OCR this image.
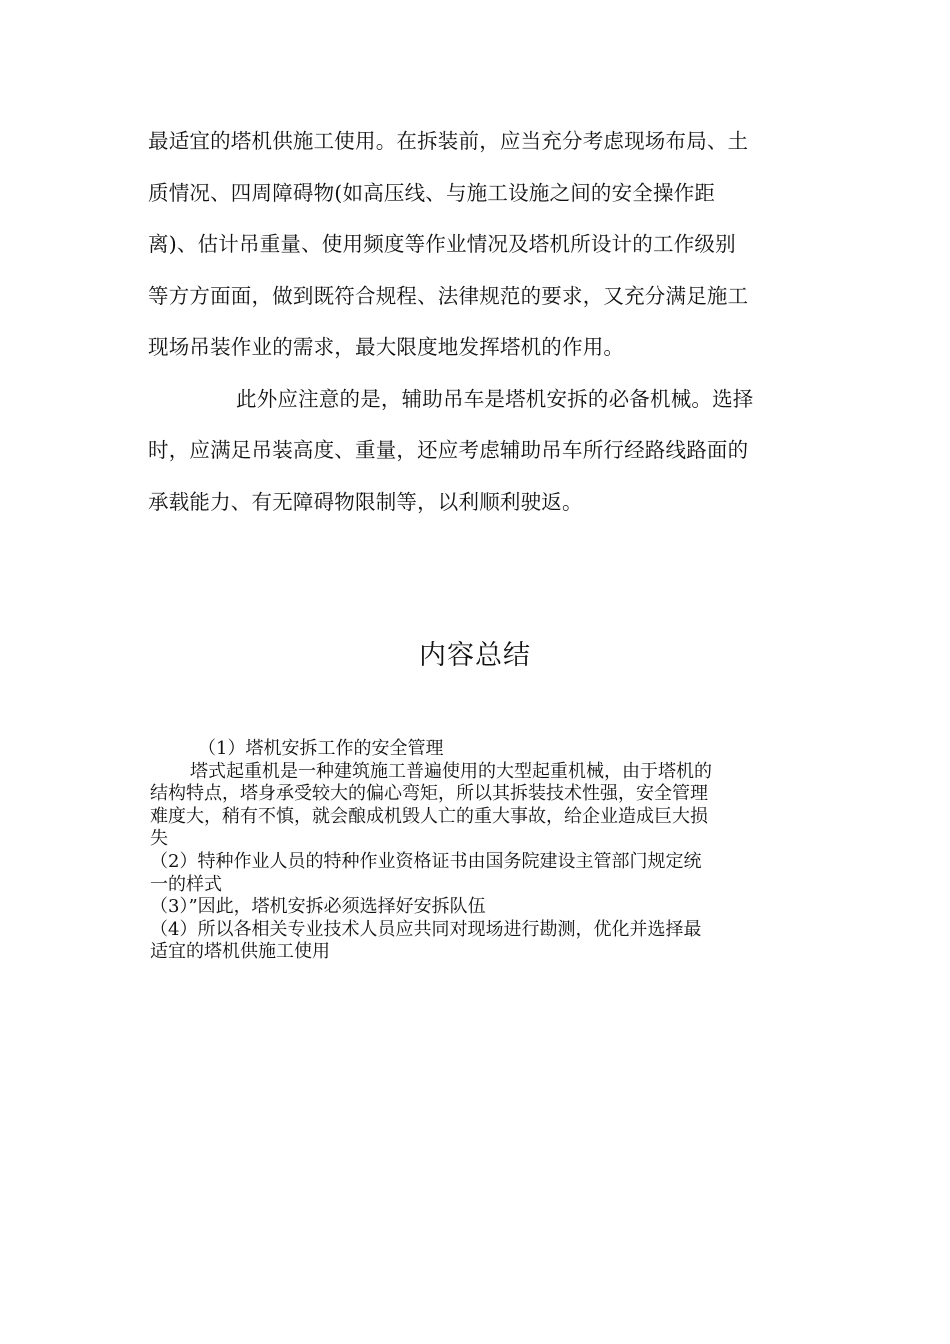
最适宜的塔机供施工使用。在拆装前，应当充分考虑现场布局、土
质情况、四周障碍物(如高压线、与施工设施之间的安全操作距
离)、估计吊重量、使用频度等作业情况及塔机所设计的工作级别
等方方面面，做到既符合规程、法律规范的要求，又充分满足施工
现场吊装作业的需求，最大限度地发挥塔机的作用。
此外应注意的是，辅助吊车是塔机安拆的必备机械。选择
时，应满足吊装高度、重量，还应考虑辅助吊车所行经路线路面的
承载能力、有无障碍物限制等，以利顺利驶返。
内容总结
（1）塔机安拆工作的安全管理
塔式起重机是一种建筑施工普遍使用的大型起重机械，由于塔机的
结构特点，塔身承受较大的偏心弯矩，所以其拆装技术性强，安全管理
难度大，稍有不慎，就会酿成机毁人亡的重大事故，给企业造成巨大损
失
（2）特种作业人员的特种作业资格证书由国务院建设主管部门规定统
一的样式
（3）”因此，塔机安拆必须选择好安拆队伍
（4）所以各相关专业技术人员应共同对现场进行勘测，优化并选择最
适宜的塔机供施工使用
